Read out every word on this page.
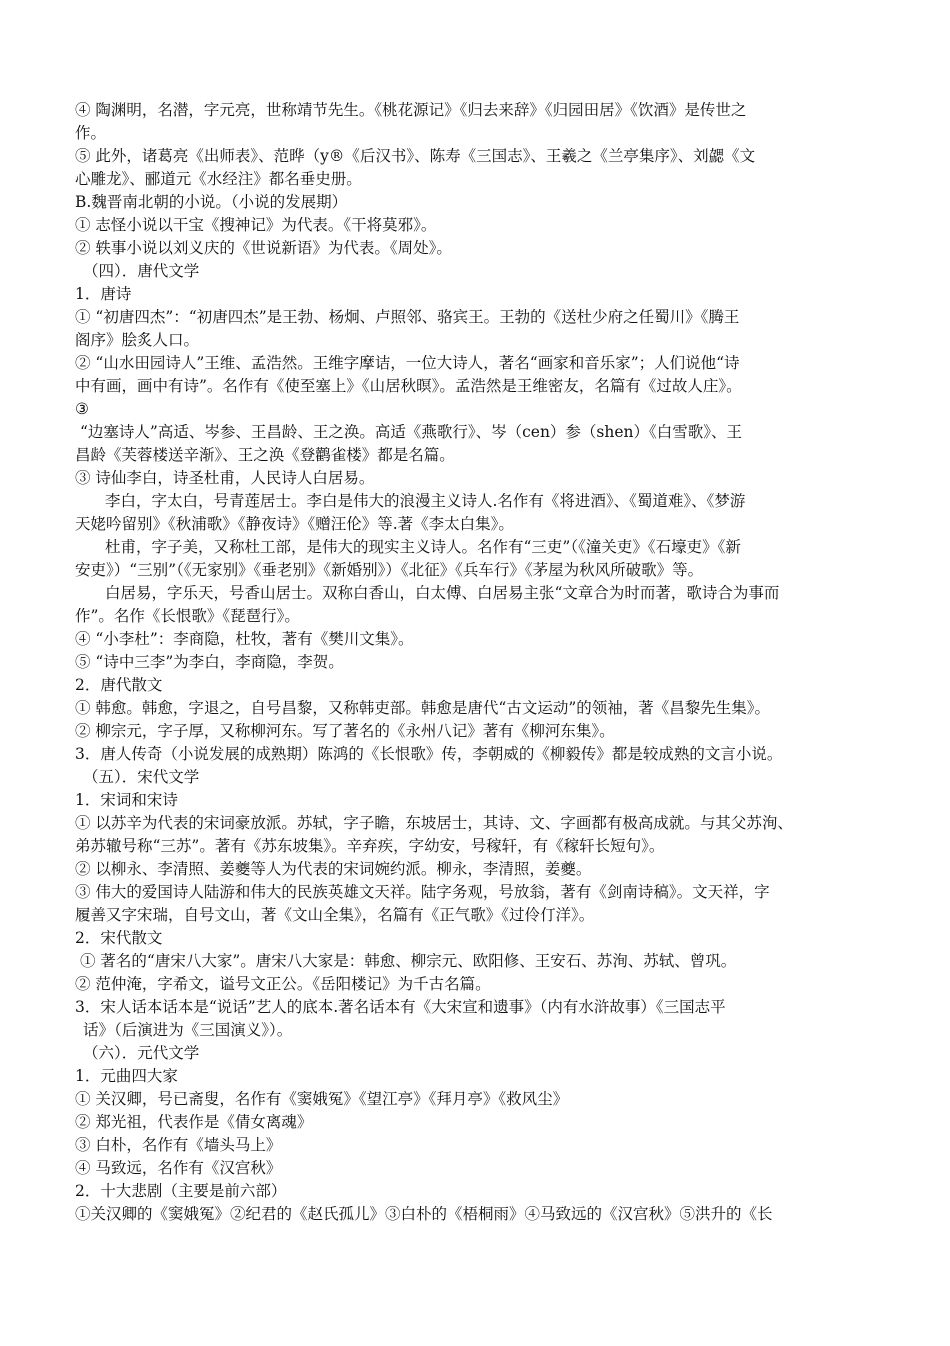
④ 陶渊明，名潜，字元亮，世称靖节先生。《桃花源记》《归去来辞》《归园田居》《饮酒》是传世之
作。
⑤ 此外，诸葛亮《出师表》、范晔（y®《后汉书》、陈寿《三国志》、王羲之《兰亭集序》、刘勰《文
心雕龙》、郦道元《水经注》都名垂史册。
B.魏晋南北朝的小说。（小说的发展期）
① 志怪小说以干宝《搜神记》为代表。《干将莫邪》。
② 轶事小说以刘义庆的《世说新语》为代表。《周处》。
（四）．唐代文学
1．唐诗
① “初唐四杰”：“初唐四杰”是王勃、杨炯、卢照邻、骆宾王。王勃的《送杜少府之任蜀川》《腾王
阁序》脍炙人口。
② “山水田园诗人”王维、孟浩然。王维字摩诘，一位大诗人，著名“画家和音乐家”；人们说他“诗
中有画，画中有诗”。名作有《使至塞上》《山居秋暝》。孟浩然是王维密友，名篇有《过故人庄》。
③
“边塞诗人”高适、岑参、王昌龄、王之涣。高适《燕歌行》、岑（cen）参（shen）《白雪歌》、王
昌龄《芙蓉楼送辛渐》、王之涣《登鹳雀楼》都是名篇。
③ 诗仙李白，诗圣杜甫，人民诗人白居易。
李白，字太白，号青莲居士。李白是伟大的浪漫主义诗人.名作有《将进酒》、《蜀道难》、《梦游
天姥吟留别》《秋浦歌》《静夜诗》《赠汪伦》等.著《李太白集》。
杜甫，字子美，又称杜工部，是伟大的现实主义诗人。名作有“三吏”（《潼关吏》《石壕吏》《新
安吏》）“三别”（《无家别》《垂老别》《新婚别》）《北征》《兵车行》《茅屋为秋风所破歌》等。
白居易，字乐天，号香山居士。双称白香山，白太傅、白居易主张“文章合为时而著，歌诗合为事而
作”。名作《长恨歌》《琵琶行》。
④ “小李杜”：李商隐，杜牧，著有《樊川文集》。
⑤ “诗中三李”为李白，李商隐，李贺。
2．唐代散文
① 韩愈。韩愈，字退之，自号昌黎，又称韩吏部。韩愈是唐代“古文运动”的领袖，著《昌黎先生集》。
② 柳宗元，字子厚，又称柳河东。写了著名的《永州八记》著有《柳河东集》。
3．唐人传奇（小说发展的成熟期）陈鸿的《长恨歌》传，李朝威的《柳毅传》都是较成熟的文言小说。
（五）．宋代文学
1．宋词和宋诗
① 以苏辛为代表的宋词豪放派。苏轼，字子瞻，东坡居士，其诗、文、字画都有极高成就。与其父苏洵、
弟苏辙号称“三苏”。著有《苏东坡集》。辛弃疾，字幼安，号稼轩，有《稼轩长短句》。
② 以柳永、李清照、姜夔等人为代表的宋词婉约派。柳永，李清照，姜夔。
③ 伟大的爱国诗人陆游和伟大的民族英雄文天祥。陆字务观，号放翁，著有《剑南诗稿》。文天祥，字
履善又字宋瑞，自号文山，著《文山全集》，名篇有《正气歌》《过伶仃洋》。
2．宋代散文
① 著名的“唐宋八大家”。唐宋八大家是：韩愈、柳宗元、欧阳修、王安石、苏洵、苏轼、曾巩。
② 范仲淹，字希文，谥号文正公。《岳阳楼记》为千古名篇。
3．宋人话本话本是“说话”艺人的底本.著名话本有《大宋宣和遗事》（内有水浒故事）《三国志平
话》（后演进为《三国演义》）。
（六）．元代文学
1．元曲四大家
① 关汉卿，号已斋叟，名作有《窦娥冤》《望江亭》《拜月亭》《救风尘》
② 郑光祖，代表作是《倩女离魂》
③ 白朴，名作有《墙头马上》
④ 马致远，名作有《汉宫秋》
2．十大悲剧（主要是前六部）
①关汉卿的《窦娥冤》②纪君的《赵氏孤儿》③白朴的《梧桐雨》④马致远的《汉宫秋》⑤洪升的《长
